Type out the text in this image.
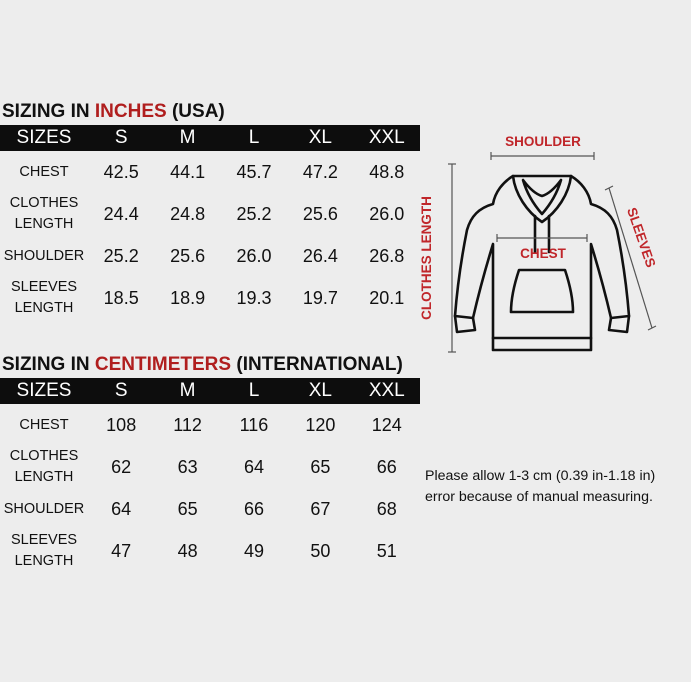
SIZING IN INCHES (USA)
SIZES	S	M	L	XL	XXL
CHEST	42.5	44.1	45.7	47.2	48.8
CLOTHES LENGTH	24.4	24.8	25.2	25.6	26.0
SHOULDER	25.2	25.6	26.0	26.4	26.8
SLEEVES LENGTH	18.5	18.9	19.3	19.7	20.1
SIZING IN CENTIMETERS (INTERNATIONAL)
SIZES	S	M	L	XL	XXL
CHEST	108	112	116	120	124
CLOTHES LENGTH	62	63	64	65	66
SHOULDER	64	65	66	67	68
SLEEVES LENGTH	47	48	49	50	51
SHOULDER
CLOTHES LENGTH	SLEEVES
CHEST
Please allow 1-3 cm (0.39 in-1.18 in)
error because of manual measuring.
